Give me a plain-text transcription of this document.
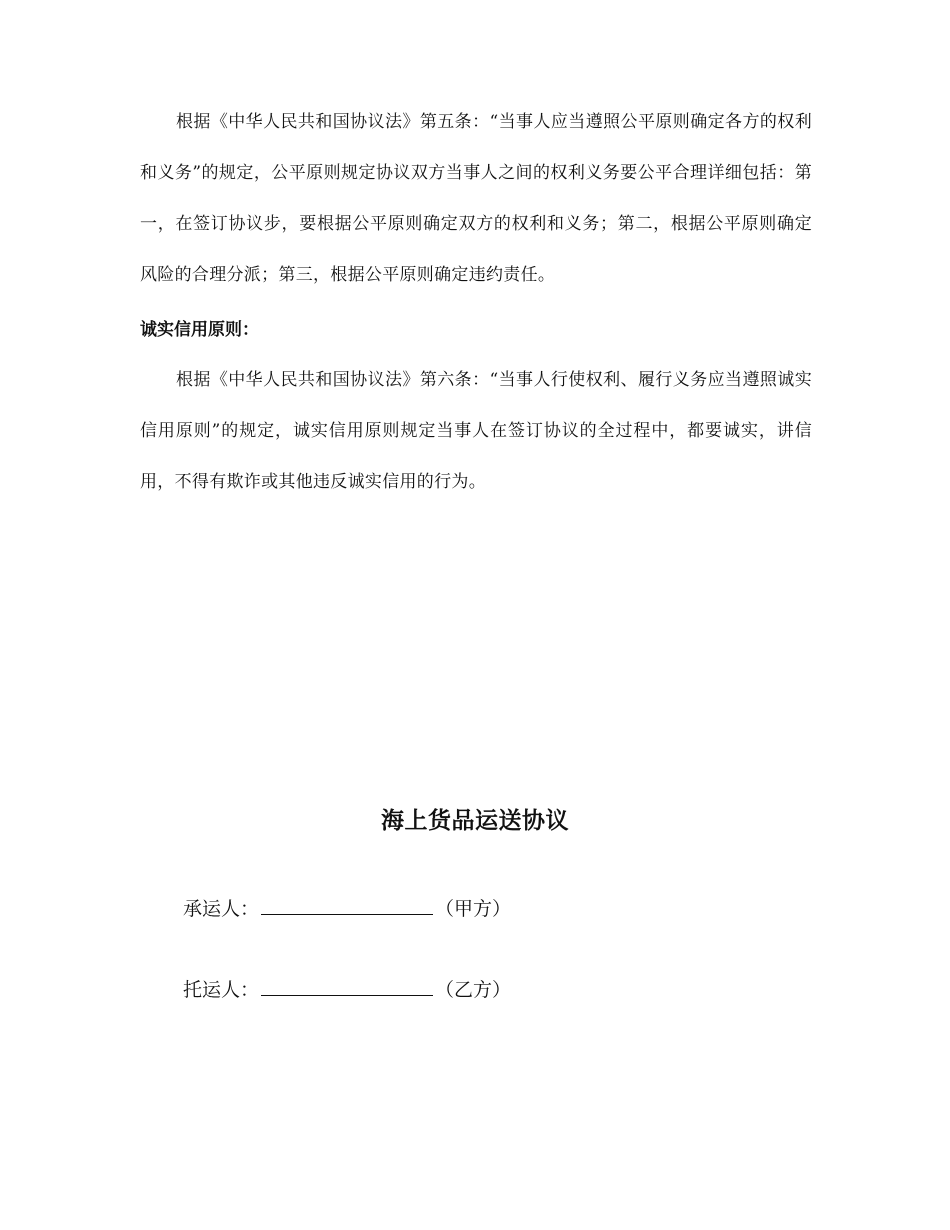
根据《中华人民共和国协议法》第五条：“当事人应当遵照公平原则确定各方的权利和义务”的规定，公平原则规定协议双方当事人之间的权利义务要公平合理详细包括：第一，在签订协议步，要根据公平原则确定双方的权利和义务；第二，根据公平原则确定风险的合理分派；第三，根据公平原则确定违约责任。

诚实信用原则：

根据《中华人民共和国协议法》第六条：“当事人行使权利、履行义务应当遵照诚实信用原则”的规定，诚实信用原则规定当事人在签订协议的全过程中，都要诚实，讲信用，不得有欺诈或其他违反诚实信用的行为。

海上货品运送协议

承运人：	（甲方）

托运人：	（乙方）
